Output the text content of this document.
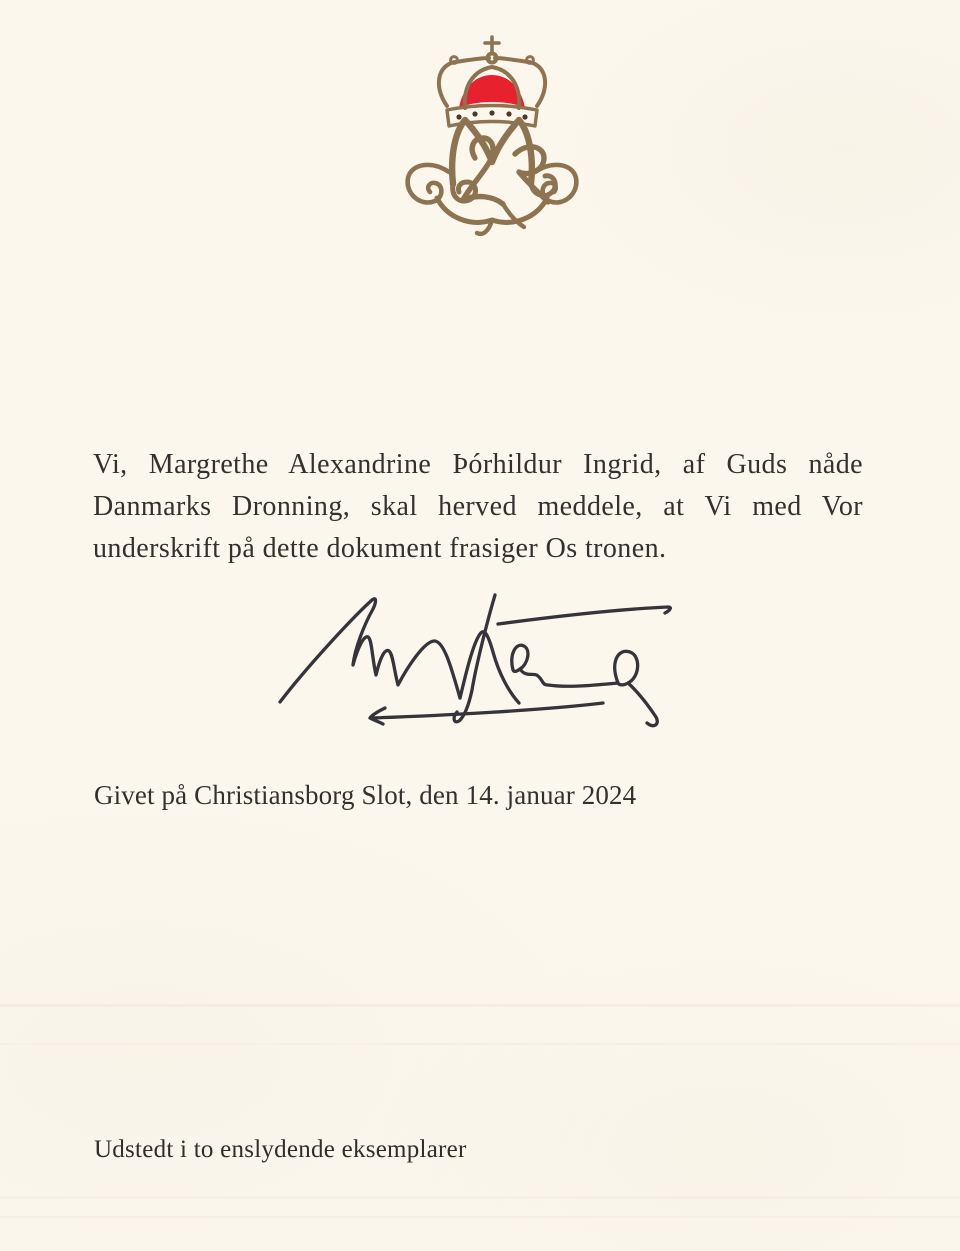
Vi, Margrethe Alexandrine Þórhildur Ingrid, af Guds nåde
Danmarks Dronning, skal herved meddele, at Vi med Vor
underskrift på dette dokument frasiger Os tronen.
Givet på Christiansborg Slot, den 14. januar 2024
Udstedt i to enslydende eksemplarer
